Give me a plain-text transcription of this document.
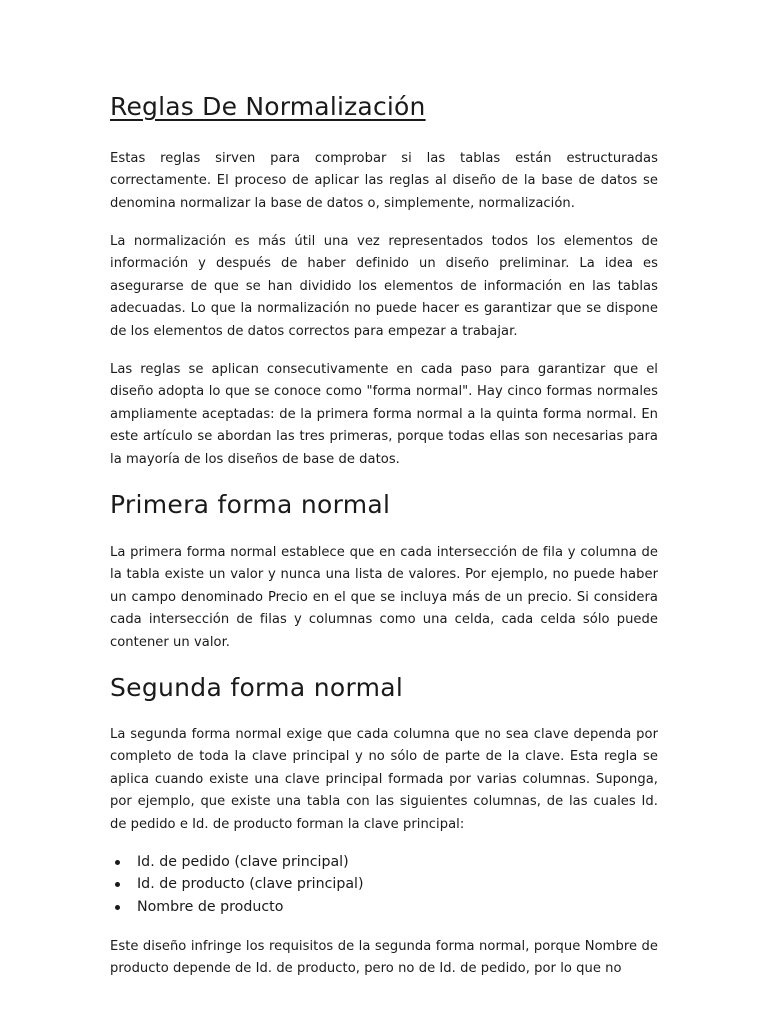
Reglas De Normalización

Estas reglas sirven para comprobar si las tablas están estructuradas correctamente. El proceso de aplicar las reglas al diseño de la base de datos se denomina normalizar la base de datos o, simplemente, normalización.

La normalización es más útil una vez representados todos los elementos de información y después de haber definido un diseño preliminar. La idea es asegurarse de que se han dividido los elementos de información en las tablas adecuadas. Lo que la normalización no puede hacer es garantizar que se dispone de los elementos de datos correctos para empezar a trabajar.

Las reglas se aplican consecutivamente en cada paso para garantizar que el diseño adopta lo que se conoce como "forma normal". Hay cinco formas normales ampliamente aceptadas: de la primera forma normal a la quinta forma normal. En este artículo se abordan las tres primeras, porque todas ellas son necesarias para la mayoría de los diseños de base de datos.

Primera forma normal

La primera forma normal establece que en cada intersección de fila y columna de la tabla existe un valor y nunca una lista de valores. Por ejemplo, no puede haber un campo denominado Precio en el que se incluya más de un precio. Si considera cada intersección de filas y columnas como una celda, cada celda sólo puede contener un valor.

Segunda forma normal

La segunda forma normal exige que cada columna que no sea clave dependa por completo de toda la clave principal y no sólo de parte de la clave. Esta regla se aplica cuando existe una clave principal formada por varias columnas. Suponga, por ejemplo, que existe una tabla con las siguientes columnas, de las cuales Id. de pedido e Id. de producto forman la clave principal:

Id. de pedido (clave principal)
Id. de producto (clave principal)
Nombre de producto

Este diseño infringe los requisitos de la segunda forma normal, porque Nombre de producto depende de Id. de producto, pero no de Id. de pedido, por lo que no
